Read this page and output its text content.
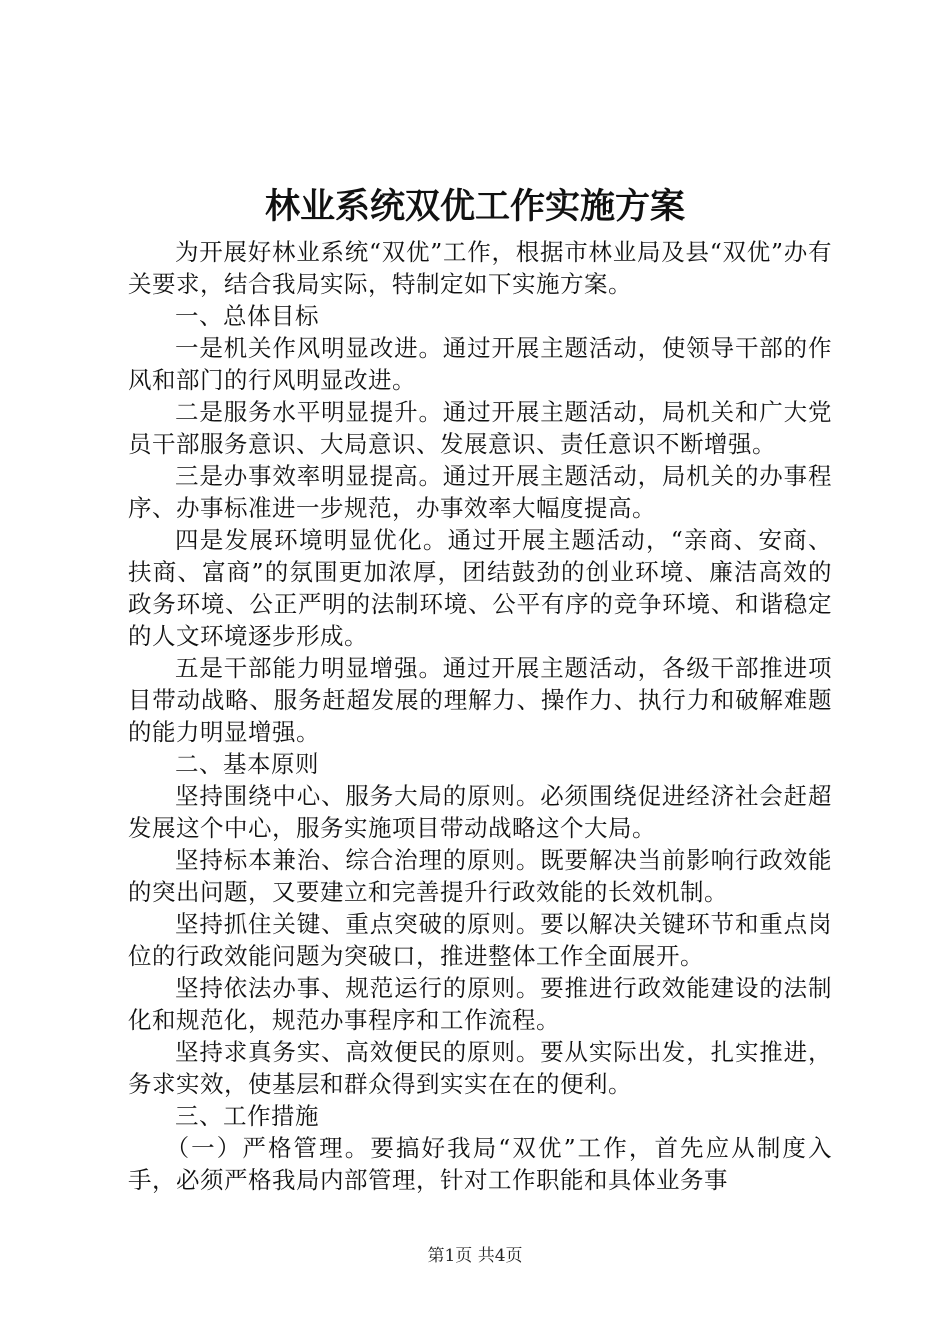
林业系统双优工作实施方案

为开展好林业系统“双优”工作，根据市林业局及县“双优”办有关要求，结合我局实际，特制定如下实施方案。

一、总体目标

一是机关作风明显改进。通过开展主题活动，使领导干部的作风和部门的行风明显改进。

二是服务水平明显提升。通过开展主题活动，局机关和广大党员干部服务意识、大局意识、发展意识、责任意识不断增强。

三是办事效率明显提高。通过开展主题活动，局机关的办事程序、办事标准进一步规范，办事效率大幅度提高。

四是发展环境明显优化。通过开展主题活动，“亲商、安商、扶商、富商”的氛围更加浓厚，团结鼓劲的创业环境、廉洁高效的政务环境、公正严明的法制环境、公平有序的竞争环境、和谐稳定的人文环境逐步形成。

五是干部能力明显增强。通过开展主题活动，各级干部推进项目带动战略、服务赶超发展的理解力、操作力、执行力和破解难题的能力明显增强。

二、基本原则

坚持围绕中心、服务大局的原则。必须围绕促进经济社会赶超发展这个中心，服务实施项目带动战略这个大局。

坚持标本兼治、综合治理的原则。既要解决当前影响行政效能的突出问题，又要建立和完善提升行政效能的长效机制。

坚持抓住关键、重点突破的原则。要以解决关键环节和重点岗位的行政效能问题为突破口，推进整体工作全面展开。

坚持依法办事、规范运行的原则。要推进行政效能建设的法制化和规范化，规范办事程序和工作流程。

坚持求真务实、高效便民的原则。要从实际出发，扎实推进，务求实效，使基层和群众得到实实在在的便利。

三、工作措施

（一）严格管理。要搞好我局“双优”工作，首先应从制度入手，必须严格我局内部管理，针对工作职能和具体业务事

第1页 共4页
